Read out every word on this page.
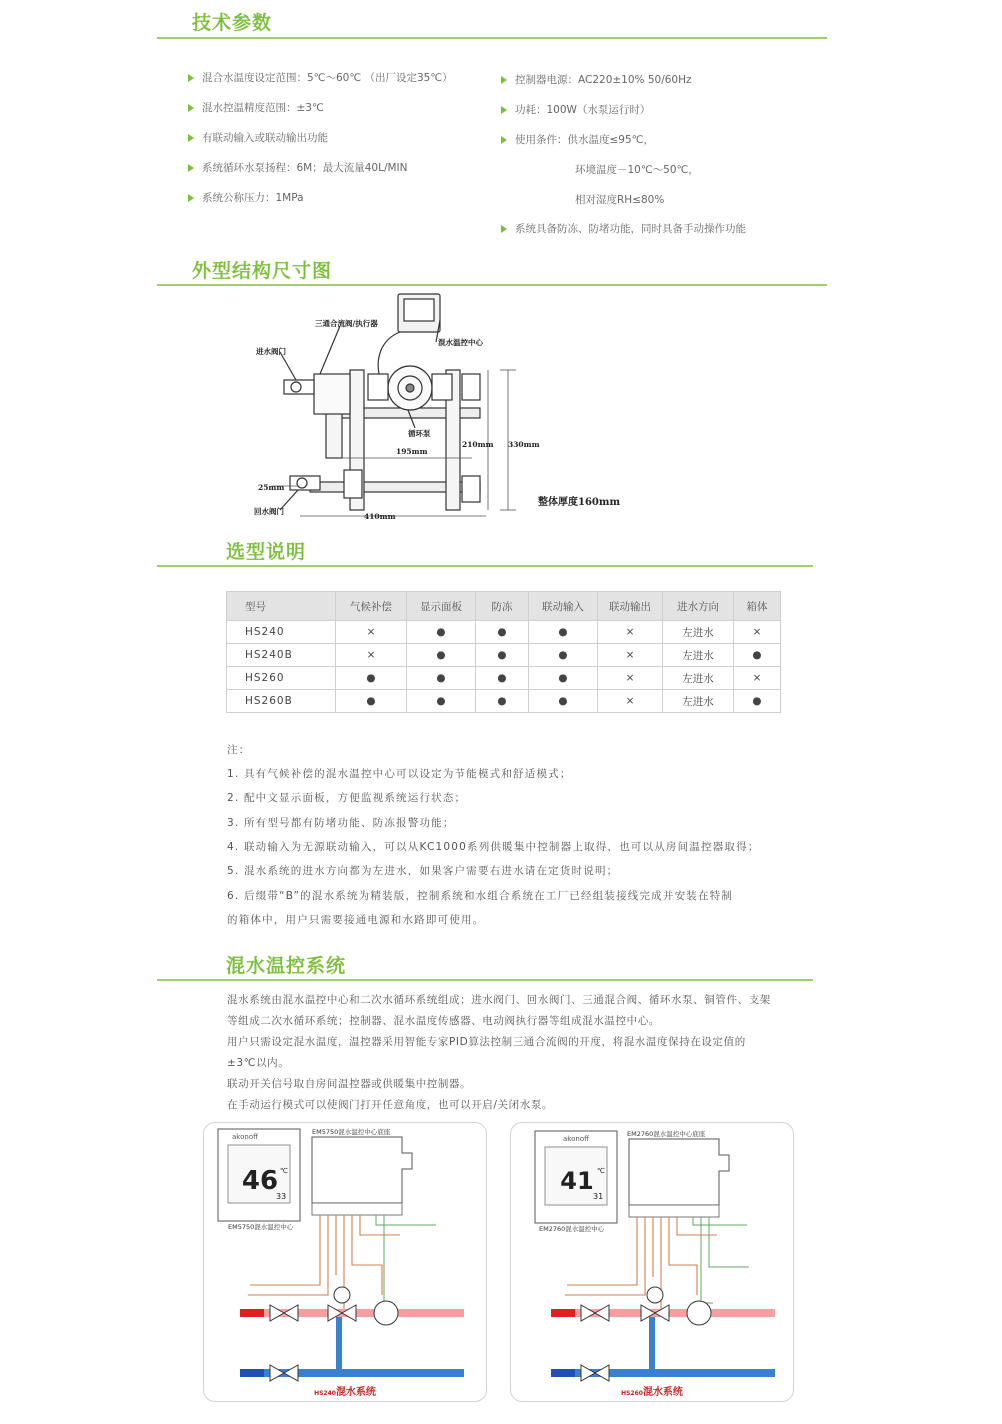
技术参数
混合水温度设定范围：5℃～60℃ （出厂设定35℃）
混水控温精度范围：±3℃
有联动输入或联动输出功能
系统循环水泵扬程：6M；最大流量40L/MIN
系统公称压力：1MPa
控制器电源：AC220±10% 50/60Hz
功耗：100W（水泵运行时）
使用条件：供水温度≤95℃，
环境温度－10℃～50℃，
相对湿度RH≤80%
系统具备防冻、防堵功能，同时具备手动操作功能
外型结构尺寸图
三通合流阀/执行器
进水阀门
混水温控中心
循环泵
195mm
210mm 330mm
25mm
回水阀门
410mm
整体厚度160mm
选型说明
型号	气候补偿	显示面板	防冻	联动输入	联动输出	进水方向	箱体
HS240	×	●	●	●	×	左进水	×
HS240B	×	●	●	●	×	左进水	●
HS260	●	●	●	●	×	左进水	×
HS260B	●	●	●	●	×	左进水	●
注：
1. 具有气候补偿的混水温控中心可以设定为节能模式和舒适模式；
2. 配中文显示面板，方便监视系统运行状态；
3. 所有型号都有防堵功能、防冻报警功能；
4. 联动输入为无源联动输入，可以从KC1000系列供暖集中控制器上取得，也可以从房间温控器取得；
5. 混水系统的进水方向都为左进水，如果客户需要右进水请在定货时说明；
6. 后缀带“B”的混水系统为精装版，控制系统和水组合系统在工厂已经组装接线完成并安装在特制
的箱体中，用户只需要接通电源和水路即可使用。
混水温控系统
混水系统由混水温控中心和二次水循环系统组成；进水阀门、回水阀门、三通混合阀、循环水泵、铜管件、支架
等组成二次水循环系统；控制器、混水温度传感器、电动阀执行器等组成混水温控中心。
用户只需设定混水温度，温控器采用智能专家PID算法控制三通合流阀的开度，将混水温度保持在设定值的
±3℃以内。
联动开关信号取自房间温控器或供暖集中控制器。
在手动运行模式可以使阀门打开任意角度，也可以开启/关闭水泵。
akonoff
46 ℃
33
EM5750混水温控中心
EM5750混水温控中心底座
HS240混水系统
akonoff
41 ℃
31
EM2760混水温控中心
EM2760混水温控中心底座
HS260混水系统
